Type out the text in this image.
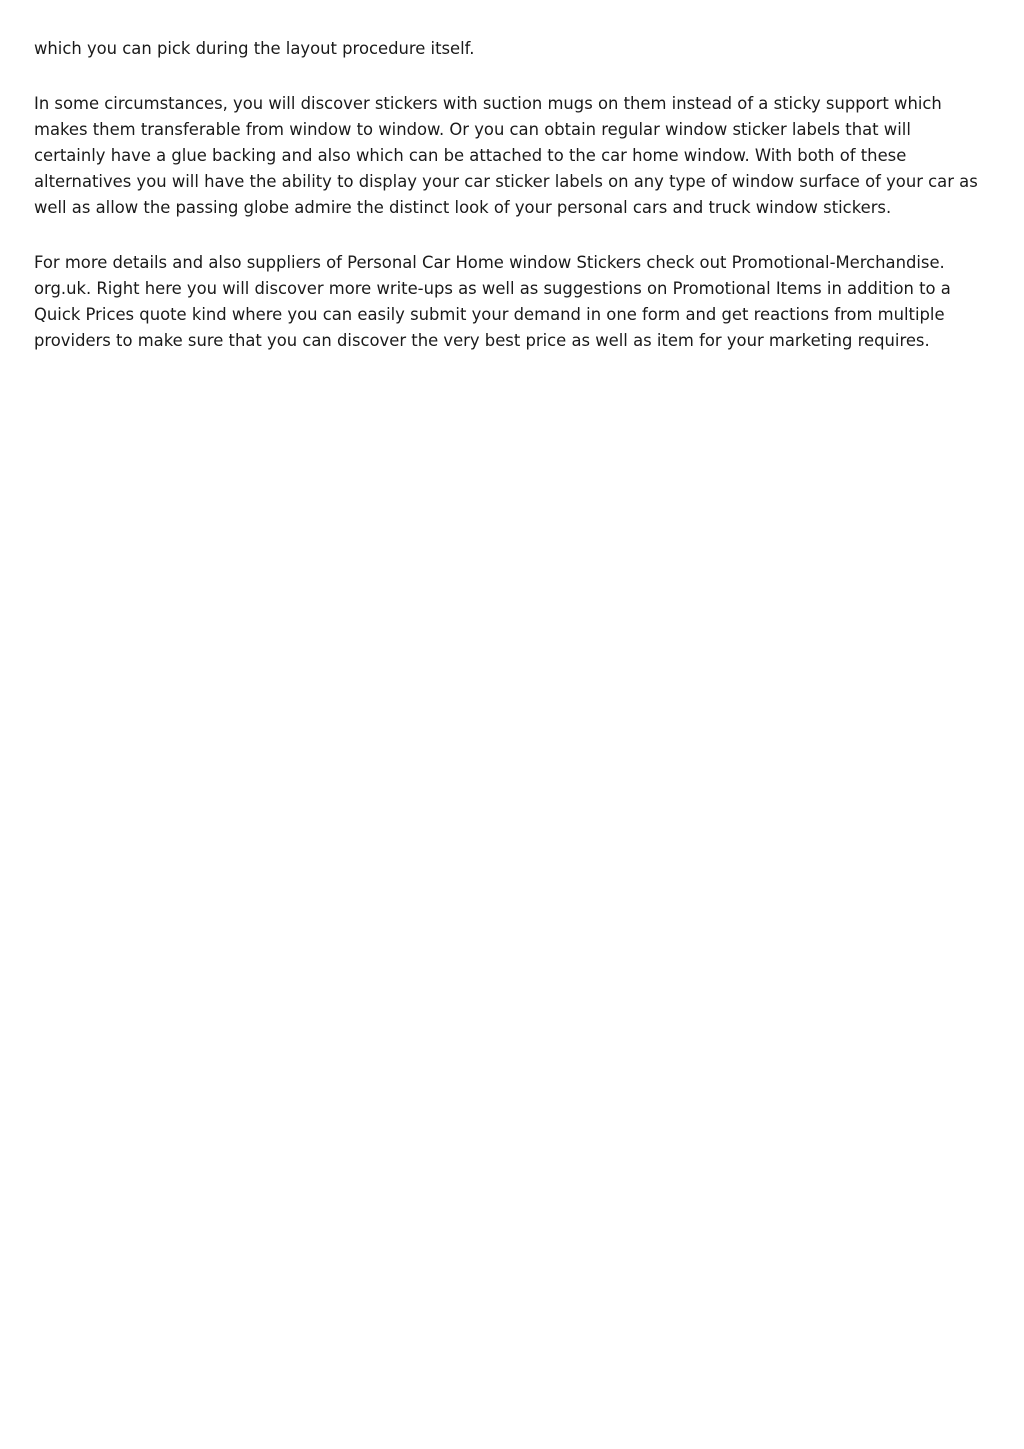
which you can pick during the layout procedure itself.

In some circumstances, you will discover stickers with suction mugs on them instead of a sticky support which
makes them transferable from window to window. Or you can obtain regular window sticker labels that will
certainly have a glue backing and also which can be attached to the car home window. With both of these
alternatives you will have the ability to display your car sticker labels on any type of window surface of your car as
well as allow the passing globe admire the distinct look of your personal cars and truck window stickers.

For more details and also suppliers of Personal Car Home window Stickers check out Promotional-Merchandise.
org.uk. Right here you will discover more write-ups as well as suggestions on Promotional Items in addition to a
Quick Prices quote kind where you can easily submit your demand in one form and get reactions from multiple
providers to make sure that you can discover the very best price as well as item for your marketing requires.
